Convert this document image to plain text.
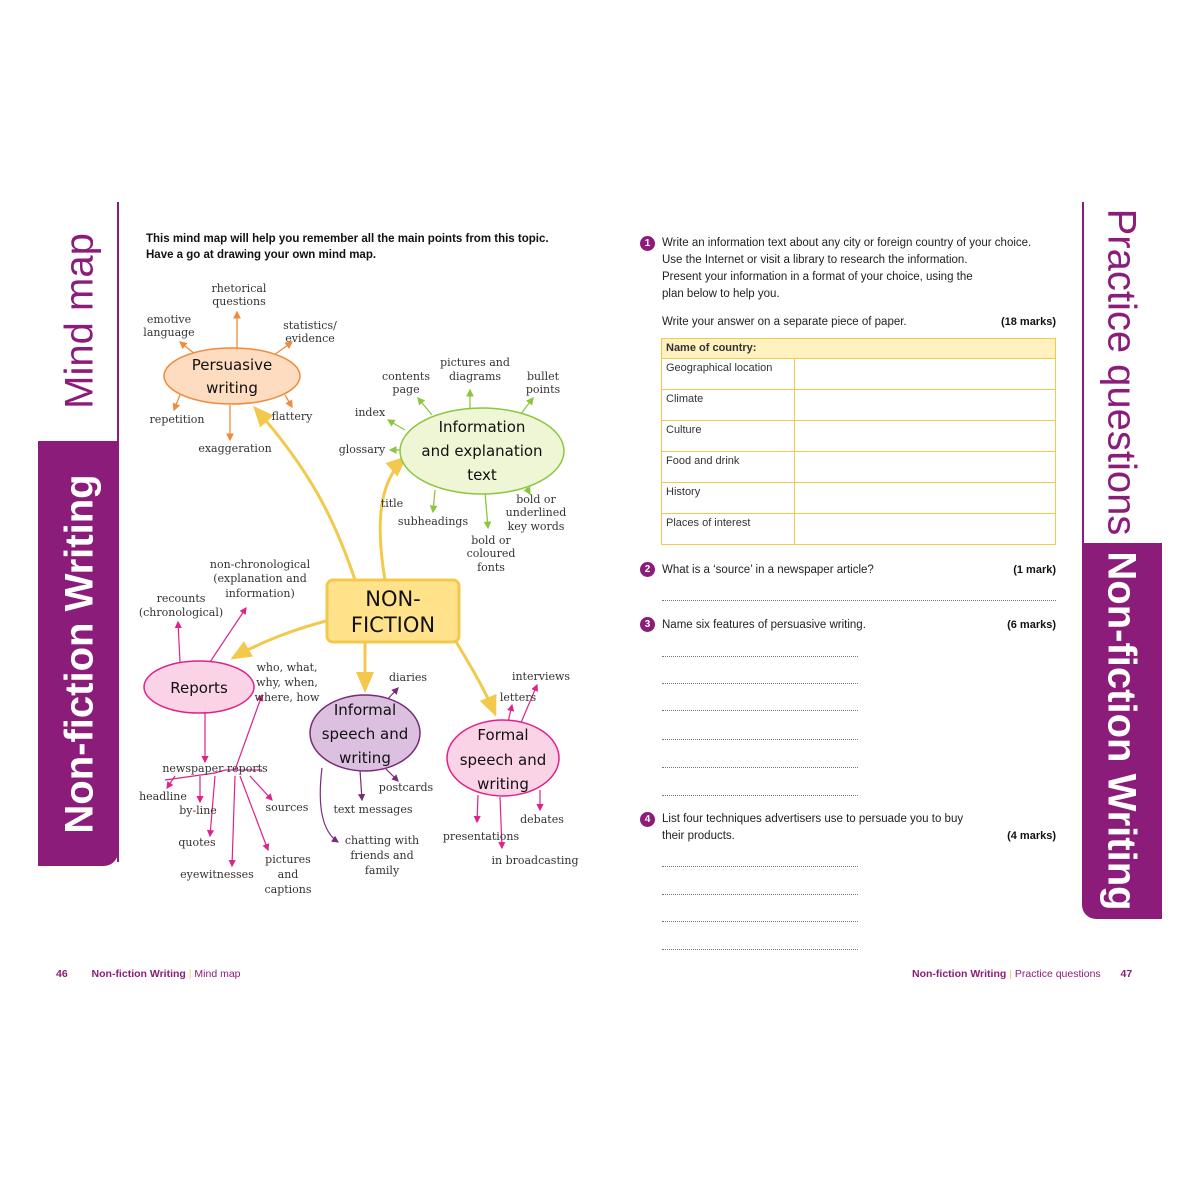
Mind map
Non-fiction Writing
This mind map will help you remember all the main points from this topic.
Have a go at drawing your own mind map.
Persuasive
writing
Information
and explanation
text
NON-
FICTION
Reports
Informal
speech and
writing
Formal
speech and
writing
rhetorical
questions
emotive
language
statistics/
evidence
repetition	flattery
exaggeration
contents
page
pictures and
diagrams bullet
points
index
glossary
title
subheadings
bold or
underlined
key words
bold or
coloured
fonts
non-chronological
(explanation and
information)
recounts
(chronological)
who, what,
why, when,
where, how
newspaper reports
headline
by-line	sources
quotes
eyewitnesses
pictures
and
captions
diaries
postcards
text messages
chatting with
friends and
family
interviews
letters
debates
presentations
in broadcasting
46 Non-fiction Writing | Mind map
Practice questions
Non-fiction Writing
1	Write an information text about any city or foreign country of your choice.
Use the Internet or visit a library to research the information.
Present your information in a format of your choice, using the
plan below to help you.
Write your answer on a separate piece of paper.	(18 marks)
Name of country:	
Geographical location	
Climate	
Culture	
Food and drink	
History	
Places of interest	
2	What is a ‘source’ in a newspaper article?	(1 mark)
3	Name six features of persuasive writing.	(6 marks)
4	List four techniques advertisers use to persuade you to buy
their products.	(4 marks)
Non-fiction Writing | Practice questions 47
